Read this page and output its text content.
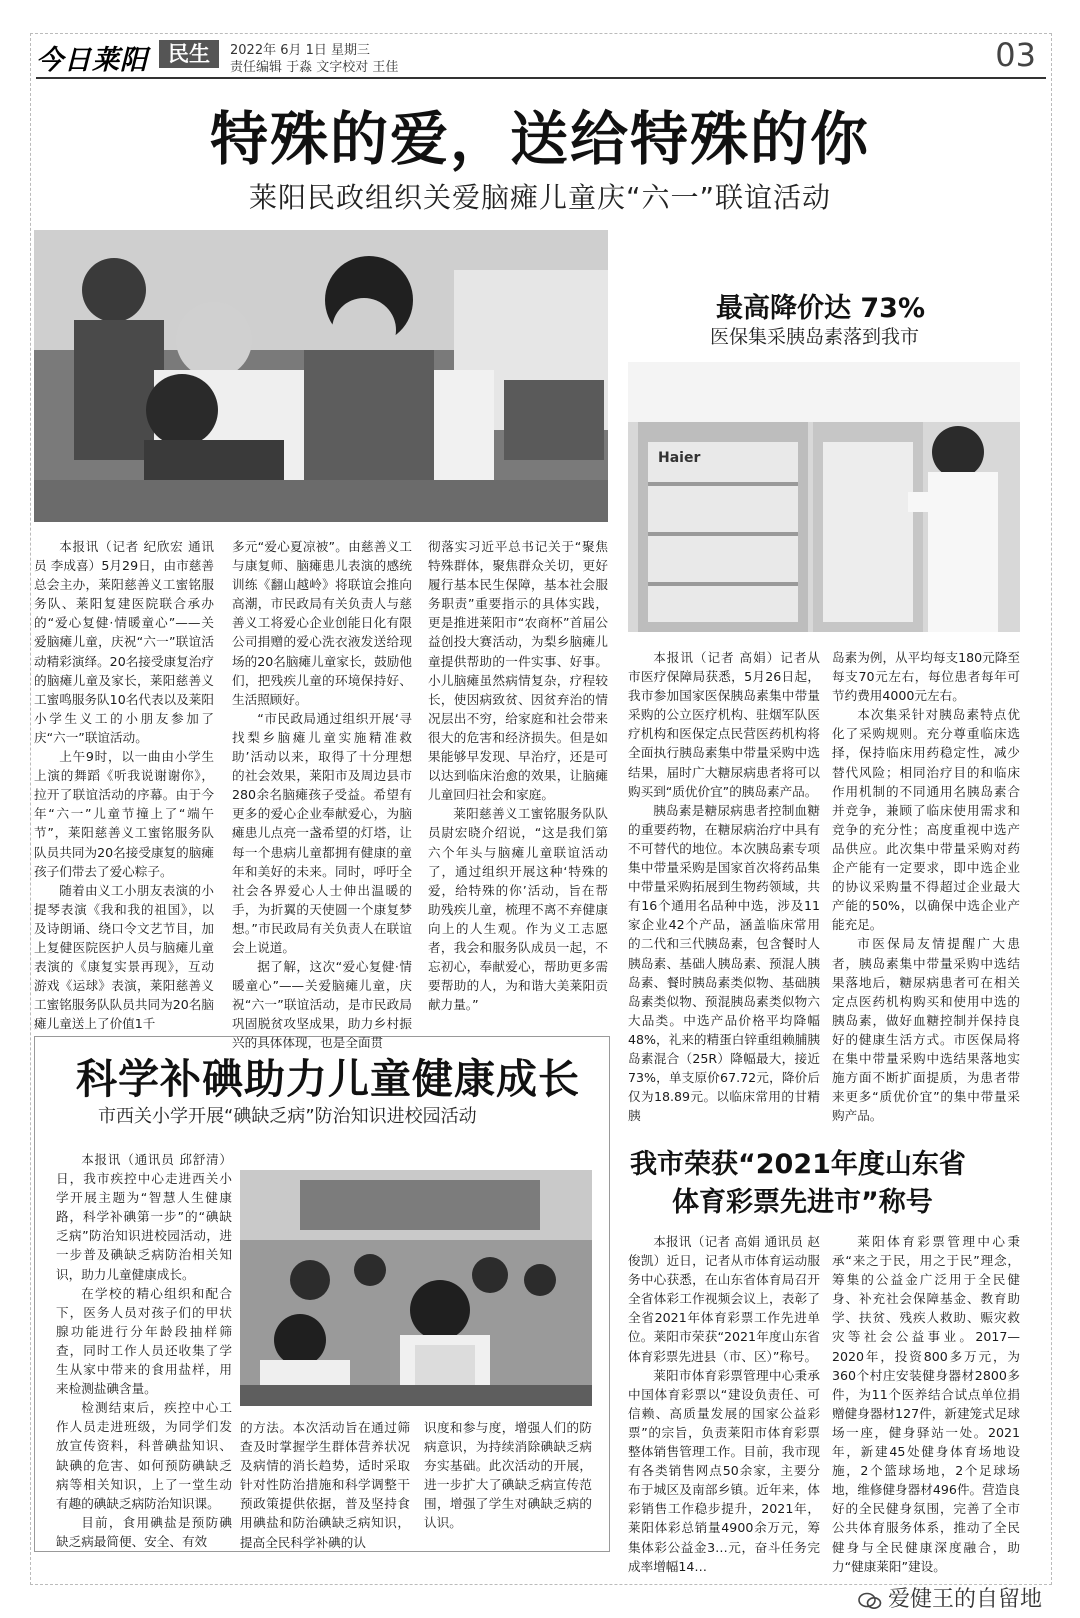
今日莱阳 民生	2022年 6月 1日 星期三
责任编辑 于淼 文字校对 王佳	03
特殊的爱，送给特殊的你
莱阳民政组织关爱脑瘫儿童庆“六一”联谊活动

本报讯（记者 纪欣宏 通讯员 李成喜）5月29日，由市慈善总会主办，莱阳慈善义工蜜铭服务队、莱阳复建医院联合承办的“爱心复健·情暖童心”——关爱脑瘫儿童，庆祝“六一”联谊活动精彩演绎。20名接受康复治疗的脑瘫儿童及家长，莱阳慈善义工蜜鸣服务队10名代表以及莱阳小学生义工的小朋友参加了庆“六一”联谊活动。

上午9时，以一曲由小学生上演的舞蹈《听我说谢谢你》，拉开了联谊活动的序幕。由于今年“六一”儿童节撞上了“端午节”，莱阳慈善义工蜜铭服务队队员共同为20名接受康复的脑瘫孩子们带去了爱心粽子。

随着由义工小朋友表演的小提琴表演《我和我的祖国》，以及诗朗诵、绕口令文艺节目，加上复健医院医护人员与脑瘫儿童表演的《康复实景再现》，互动游戏《运球》表演，莱阳慈善义工蜜铭服务队队员共同为20名脑瘫儿童送上了价值1千

多元“爱心夏凉被”。由慈善义工与康复师、脑瘫患儿表演的感统训练《翻山越岭》将联谊会推向高潮，市民政局有关负责人与慈善义工将爱心企业创能日化有限公司捐赠的爱心洗衣液发送给现场的20名脑瘫儿童家长，鼓励他们，把残疾儿童的环境保持好、生活照顾好。

“市民政局通过组织开展‘寻找梨乡脑瘫儿童实施精准救助’活动以来，取得了十分理想的社会效果，莱阳市及周边县市280余名脑瘫孩子受益。希望有更多的爱心企业奉献爱心，为脑瘫患儿点亮一盏希望的灯塔，让每一个患病儿童都拥有健康的童年和美好的未来。同时，呼吁全社会各界爱心人士伸出温暖的手，为折翼的天使圆一个康复梦想。”市民政局有关负责人在联谊会上说道。

据了解，这次“爱心复健·情暖童心”——关爱脑瘫儿童，庆祝“六一”联谊活动，是市民政局巩固脱贫攻坚成果，助力乡村振兴的具体体现，也是全面贯

彻落实习近平总书记关于“聚焦特殊群体，聚焦群众关切，更好履行基本民生保障，基本社会服务职责”重要指示的具体实践，更是推进莱阳市“农商杯”首届公益创投大赛活动，为梨乡脑瘫儿童提供帮助的一件实事、好事。小儿脑瘫虽然病情复杂，疗程较长，使因病致贫、因贫弃治的情况层出不穷，给家庭和社会带来很大的危害和经济损失。但是如果能够早发现、早治疗，还是可以达到临床治愈的效果，让脑瘫儿童回归社会和家庭。

莱阳慈善义工蜜铭服务队队员尉宏晓介绍说，“这是我们第六个年头与脑瘫儿童联谊活动了，通过组织开展这种‘特殊的爱，给特殊的你’活动，旨在帮助残疾儿童，梳理不离不弃健康向上的人生观。作为义工志愿者，我会和服务队成员一起，不忘初心，奉献爱心，帮助更多需要帮助的人，为和谐大美莱阳贡献力量。”

最高降价达 73%
医保集采胰岛素落到我市
Haier

本报讯（记者 高娟）记者从市医疗保障局获悉，5月26日起，我市参加国家医保胰岛素集中带量采购的公立医疗机构、驻烟军队医疗机构和医保定点民营医药机构将全面执行胰岛素集中带量采购中选结果，届时广大糖尿病患者将可以购买到“质优价宜”的胰岛素产品。

胰岛素是糖尿病患者控制血糖的重要药物，在糖尿病治疗中具有不可替代的地位。本次胰岛素专项集中带量采购是国家首次将药品集中带量采购拓展到生物药领域，共有16个通用名品种中选，涉及11家企业42个产品，涵盖临床常用的二代和三代胰岛素，包含餐时人胰岛素、基础人胰岛素、预混人胰岛素、餐时胰岛素类似物、基础胰岛素类似物、预混胰岛素类似物六大品类。中选产品价格平均降幅48%，礼来的精蛋白锌重组赖脯胰岛素混合（25R）降幅最大，接近73%，单支原价67.72元，降价后仅为18.89元。以临床常用的甘精胰

岛素为例，从平均每支180元降至每支70元左右，每位患者每年可节约费用4000元左右。

本次集采针对胰岛素特点优化了采购规则。充分尊重临床选择，保持临床用药稳定性，减少替代风险；相同治疗目的和临床作用机制的不同通用名胰岛素合并竞争，兼顾了临床使用需求和竞争的充分性；高度重视中选产品供应。此次集中带量采购对药企产能有一定要求，即中选企业的协议采购量不得超过企业最大产能的50%，以确保中选企业产能充足。

市医保局友情提醒广大患者，胰岛素集中带量采购中选结果落地后，糖尿病患者可在相关定点医药机构购买和使用中选的胰岛素，做好血糖控制并保持良好的健康生活方式。市医保局将在集中带量采购中选结果落地实施方面不断扩面提质，为患者带来更多“质优价宜”的集中带量采购产品。

科学补碘助力儿童健康成长
市西关小学开展“碘缺乏病”防治知识进校园活动

本报讯（通讯员 邱舒清）日，我市疾控中心走进西关小学开展主题为“智慧人生健康路，科学补碘第一步”的“碘缺乏病”防治知识进校园活动，进一步普及碘缺乏病防治相关知识，助力儿童健康成长。

在学校的精心组织和配合下，医务人员对孩子们的甲状腺功能进行分年龄段抽样筛查，同时工作人员还收集了学生从家中带来的食用盐样，用来检测盐碘含量。

检测结束后，疾控中心工作人员走进班级，为同学们发放宣传资料，科普碘盐知识、缺碘的危害、如何预防碘缺乏病等相关知识，上了一堂生动有趣的碘缺乏病防治知识课。

目前，食用碘盐是预防碘缺乏病最简便、安全、有效

的方法。本次活动旨在通过筛查及时掌握学生群体营养状况及病情的消长趋势，适时采取针对性防治措施和科学调整干预政策提供依据，普及坚持食用碘盐和防治碘缺乏病知识，提高全民科学补碘的认

识度和参与度，增强人们的防病意识，为持续消除碘缺乏病夯实基础。此次活动的开展，进一步扩大了碘缺乏病宣传范围，增强了学生对碘缺乏病的认识。

我市荣获“2021年度山东省
体育彩票先进市”称号

本报讯（记者 高娟 通讯员 赵俊凯）近日，记者从市体育运动服务中心获悉，在山东省体育局召开全省体彩工作视频会议上，表彰了全省2021年体育彩票工作先进单位。莱阳市荣获“2021年度山东省体育彩票先进县（市、区）”称号。

莱阳市体育彩票管理中心秉承中国体育彩票以“建设负责任、可信赖、高质量发展的国家公益彩票”的宗旨，负责莱阳市体育彩票整体销售管理工作。目前，我市现有各类销售网点50余家，主要分布于城区及南部乡镇。近年来，体彩销售工作稳步提升，2021年，莱阳体彩总销量4900余万元，筹集体彩公益金3…元，奋斗任务完成率增幅14…

莱阳体育彩票管理中心秉承“来之于民，用之于民”理念，筹集的公益金广泛用于全民健身、补充社会保障基金、教育助学、扶贫、残疾人救助、赈灾救灾等社会公益事业。2017—2020年，投资800多万元，为360个村庄安装健身器材2800多件，为11个医养结合试点单位捐赠健身器材127件，新建笼式足球场一座，健身驿站一处。2021年，新建45处健身体育场地设施，2个篮球场地，2个足球场地，维修健身器材496件。营造良好的全民健身氛围，完善了全市公共体育服务体系，推动了全民健身与全民健康深度融合，助力“健康莱阳”建设。

爱健王的自留地
